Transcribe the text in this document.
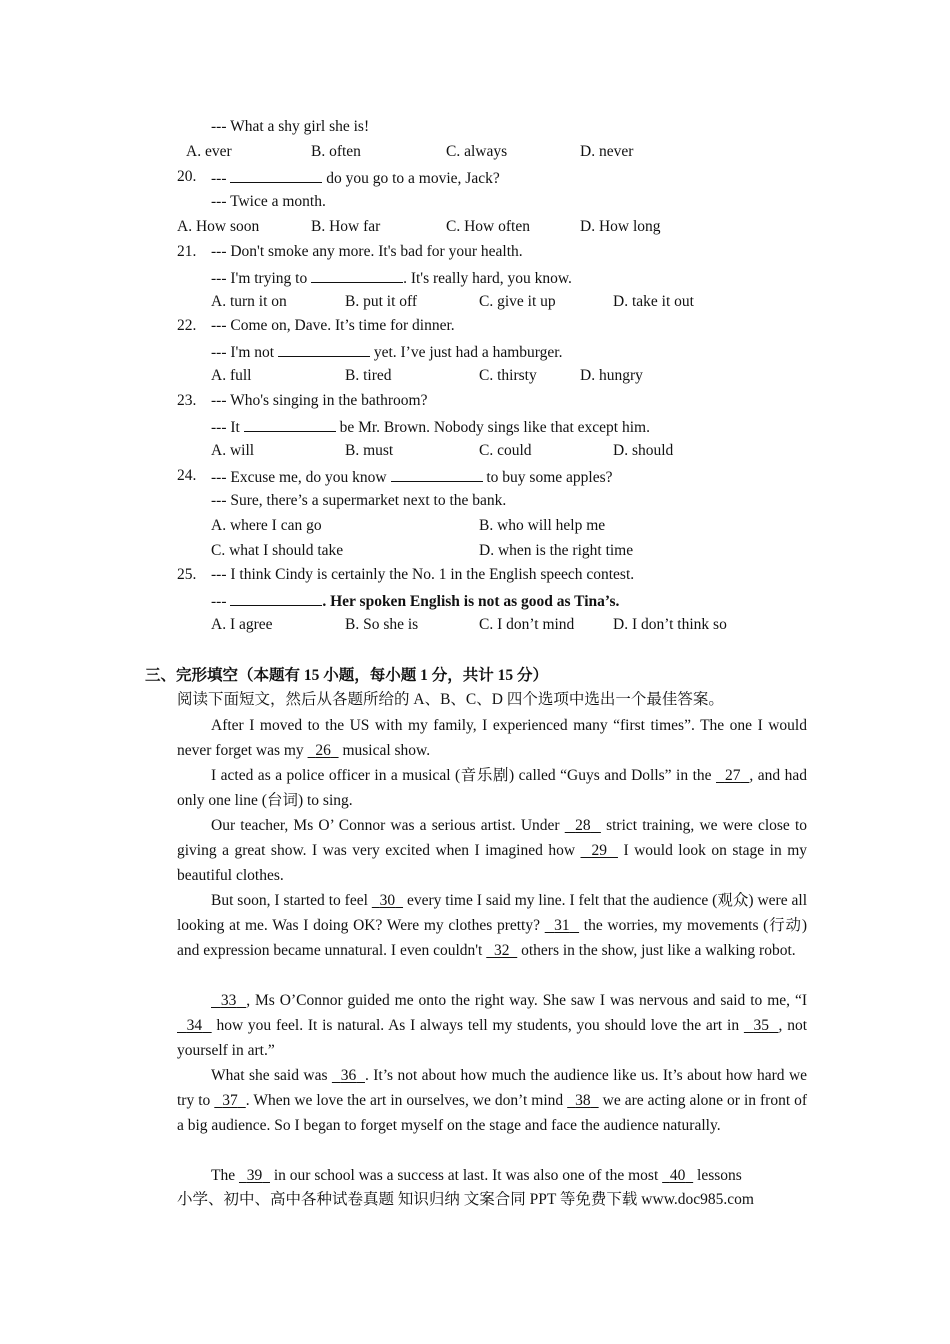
--- What a shy girl she is!
A. ever	B. often	C. always	D. never
20. ---	do you go to a movie, Jack?
--- Twice a month.
A. How soon	B. How far	C. How often	D. How long
21. --- Don't smoke any more. It's bad for your health.
--- I'm trying to	. It's really hard, you know.
A. turn it on	B. put it off	C. give it up	D. take it out
22. --- Come on, Dave. It’s time for dinner.
--- I'm not	yet. I’ve just had a hamburger.
A. full	B. tired	C. thirsty	D. hungry
23. --- Who's singing in the bathroom?
--- It	be Mr. Brown. Nobody sings like that except him.
A. will	B. must	C. could	D. should
24. --- Excuse me, do you know	to buy some apples?
--- Sure, there’s a supermarket next to the bank.
A. where I can go	B. who will help me
C. what I should take	D. when is the right time
25. --- I think Cindy is certainly the No. 1 in the English speech contest.
---	. Her spoken English is not as good as Tina’s.
A. I agree	B. So she is	C. I don’t mind D. I don’t think so
三、完形填空（本题有 15 小题，每小题 1 分，共计 15 分）
阅读下面短文，然后从各题所给的 A、B、C、D 四个选项中选出一个最佳答案。
After I moved to the US with my family, I experienced many “first times”. The one I would never forget was my 26 musical show.
I acted as a police officer in a musical (音乐剧) called “Guys and Dolls” in the 27 , and had only one line (台词) to sing.
Our teacher, Ms O’ Connor was a serious artist. Under 28 strict training, we were close to giving a great show. I was very excited when I imagined how 29 I would look on stage in my beautiful clothes.
But soon, I started to feel 30 every time I said my line. I felt that the audience (观众) were all looking at me. Was I doing OK? Were my clothes pretty? 31 the worries, my movements (行动) and expression became unnatural. I even couldn't 32 others in the show, just like a walking robot.
33 , Ms O’Connor guided me onto the right way. She saw I was nervous and said to me, “I   34 how you feel. It is natural. As I always tell my students, you should love the art in 35 , not yourself in art.”
What she said was 36 . It’s not about how much the audience like us. It’s about how hard we try to 37 . When we love the art in ourselves, we don’t mind 38 we are acting alone or in front of a big audience. So I began to forget myself on the stage and face the audience naturally.
The 39 in our school was a success at last. It was also one of the most 40 lessons
小学、初中、高中各种试卷真题 知识归纳 文案合同 PPT 等免费下载 www.doc985.com
